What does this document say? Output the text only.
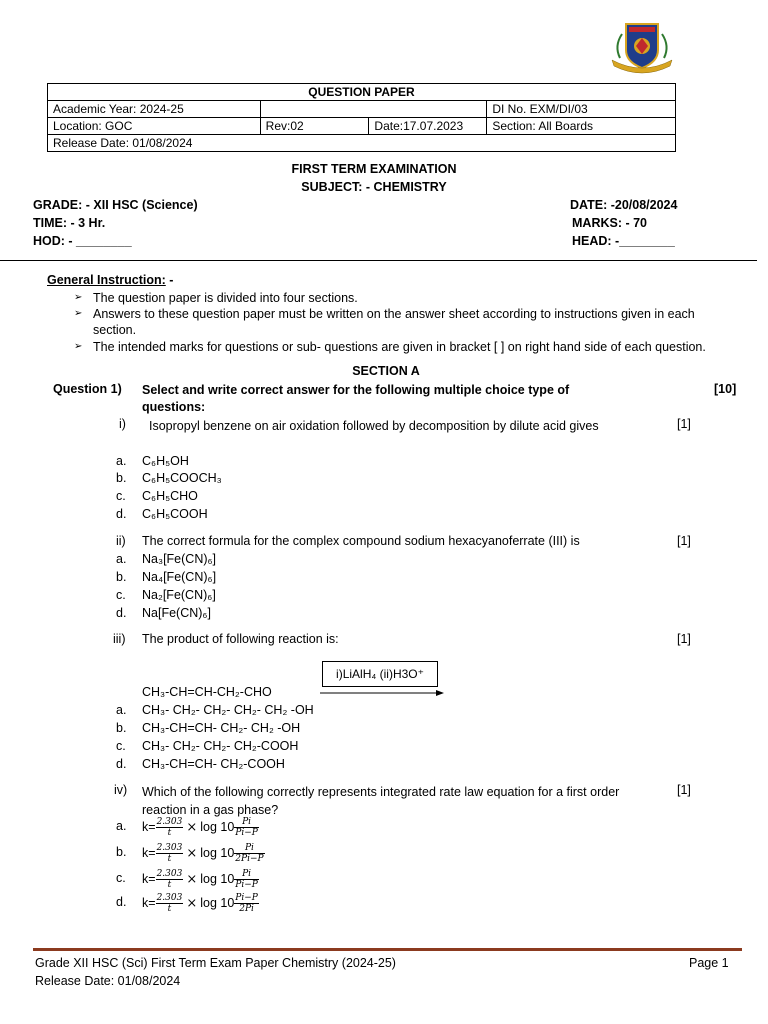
QUESTION PAPER			
Academic Year: 2024-25			DI No. EXM/DI/03
Location: GOC	Rev:02	Date:17.07.2023	Section: All Boards
Release Date: 01/08/2024			
FIRST TERM EXAMINATION
SUBJECT: - CHEMISTRY
GRADE: - XII HSC (Science)
TIME: - 3 Hr.
HOD: - ________
DATE: -20/08/2024
MARKS: - 70
HEAD: -________
General Instruction: -
➢ The question paper is divided into four sections.
➢ Answers to these question paper must be written on the answer sheet according to instructions given in each section.
➢ The intended marks for questions or sub- questions are given in bracket [ ] on right hand side of each question.
SECTION A
Question 1) Select and write correct answer for the following multiple choice type of questions:
[10]
i) Isopropyl benzene on air oxidation followed by decomposition by dilute acid gives	[1]
a. C₆H₅OH
b. C₆H₅COOCH₃
c.	C₆H₅CHO
d. C₆H₅COOH
ii) The correct formula for the complex compound sodium hexacyanoferrate (III) is	[1]
a. Na₃[Fe(CN)₆]
b. Na₄[Fe(CN)₆]
c.	Na₂[Fe(CN)₆]
d. Na[Fe(CN)₆]
iii) The product of following reaction is:	[1]
i)LiAlH₄ (ii)H3O⁺
CH₃-CH=CH-CH₂-CHO
a. CH₃- CH₂- CH₂- CH₂- CH₂ -OH
b. CH₃-CH=CH- CH₂- CH₂ -OH
c.	CH₃- CH₂- CH₂- CH₂-COOH
d. CH₃-CH=CH- CH₂-COOH
iv) Which of the following correctly represents integrated rate law equation for a first order reaction in a gas phase?
[1]
a. $k= \frac{2.303}{t} \times \log 10 \frac{Pi}{Pi-P}$
b. $k= \frac{2.303}{t} \times \log 10 \frac{Pi}{2Pi-P}$
c.	$k= \frac{2.303}{t} \times \log 10 \frac{Pi}{Pi-P}$
d. $k= \frac{2.303}{t} \times \log 10 \frac{Pi-P}{2Pi}$
Grade XII HSC (Sci) First Term Exam Paper Chemistry (2024-25)
Release Date: 01/08/2024
Page 1
